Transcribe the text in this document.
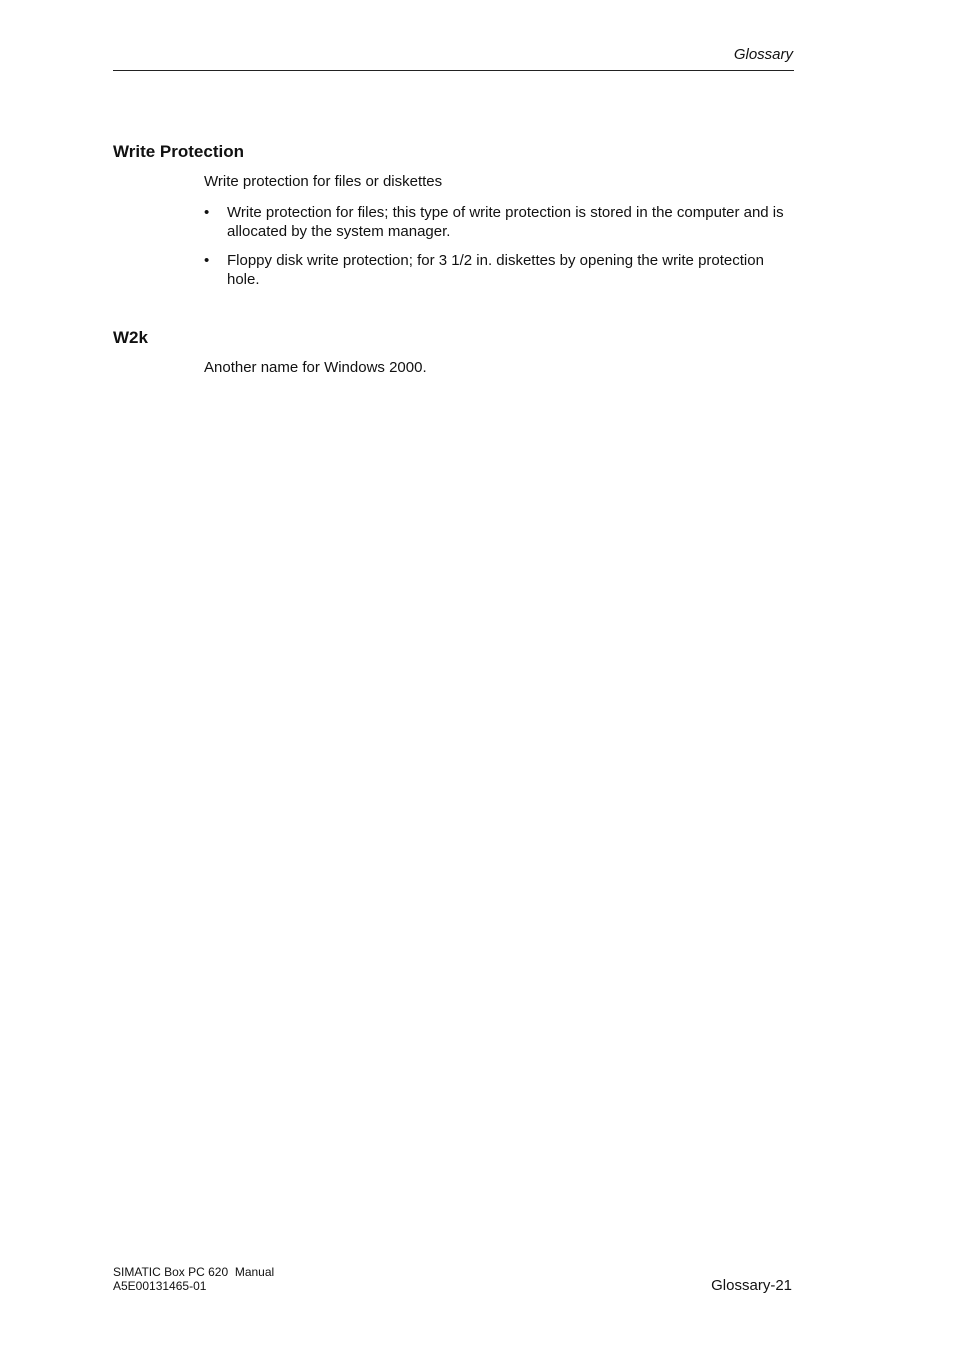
Glossary
Write Protection

Write protection for files or diskettes

• Write protection for files; this type of write protection is stored in the computer and is allocated by the system manager.
• Floppy disk write protection; for 3 1/2 in. diskettes by opening the write protection hole.
W2k

Another name for Windows 2000.

SIMATIC Box PC 620  Manual
A5E00131465-01	Glossary-21
